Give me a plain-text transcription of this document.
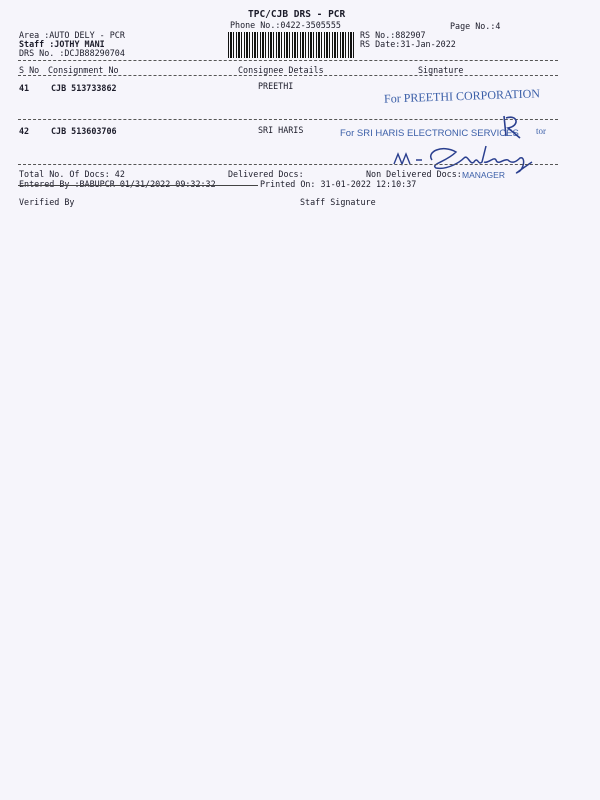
TPC/CJB DRS - PCR
Phone No.:0422-3505555	Page No.:4
Area :AUTO DELY - PCR
Staff :JOTHY MANI
DRS No. :DCJB88290704
RS No.:882907
RS Date:31-Jan-2022
S No Consignment No	Consignee Details	Signature
41	CJB 513733862	PREETHI
For PREETHI CORPORATION
42	CJB 513603706	SRI HARIS	For SRI HARIS ELECTRONIC SERVICES tor
MANAGER
Total No. Of Docs: 42	Delivered Docs:	Non Delivered Docs:
Entered By :BABUPCR 01/31/2022 09:32:32	Printed On: 31-01-2022 12:10:37
Verified By	Staff Signature
